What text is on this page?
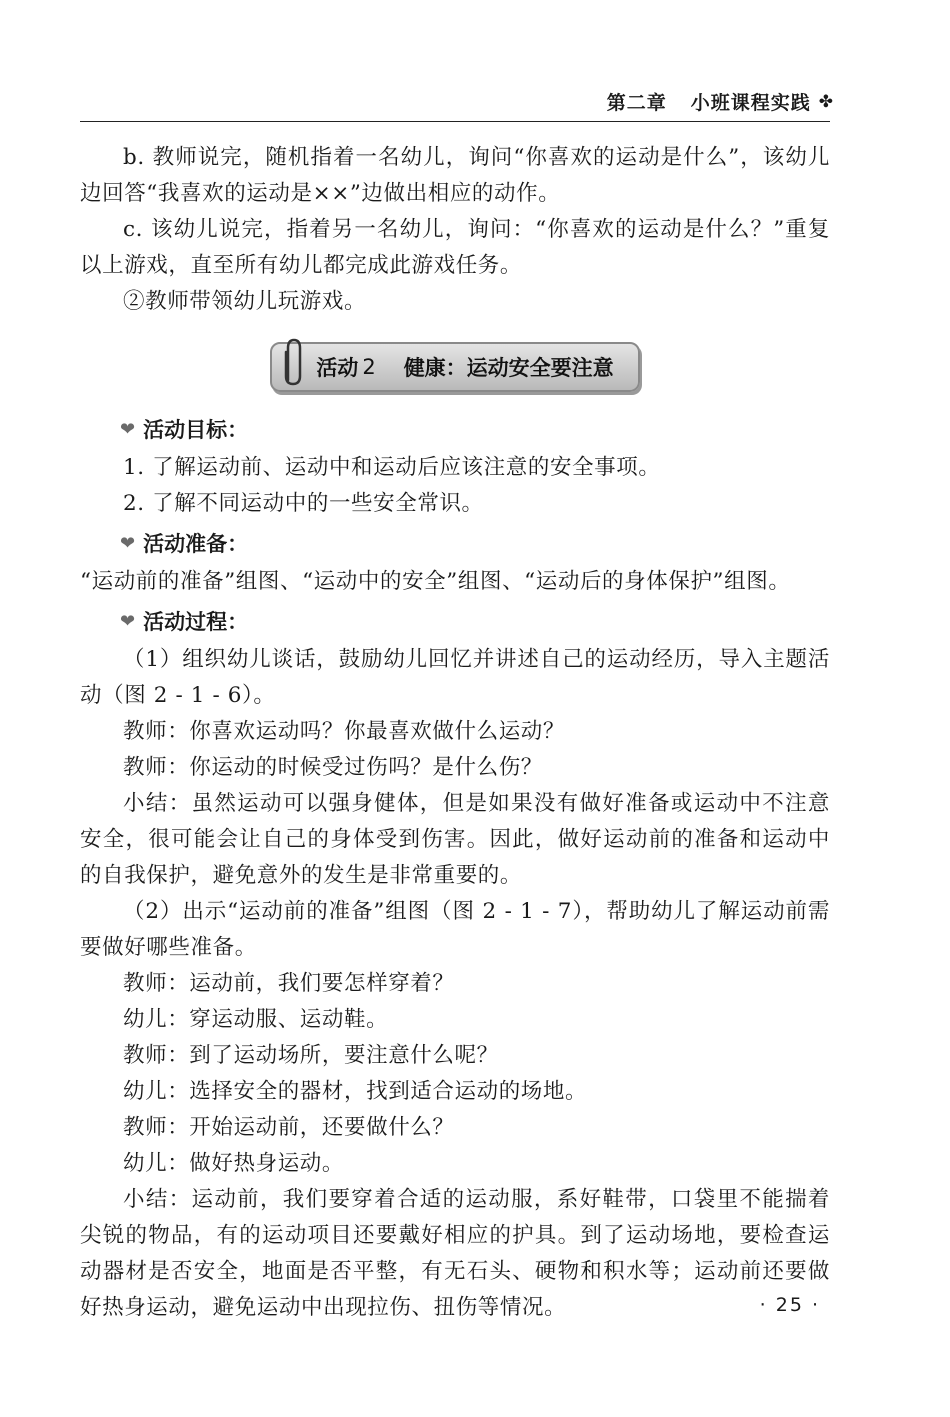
第二章 小班课程实践 ✤

b. 教师说完，随机指着一名幼儿，询问“你喜欢的运动是什么”，该幼儿边回答“我喜欢的运动是××”边做出相应的动作。

c. 该幼儿说完，指着另一名幼儿，询问：“你喜欢的运动是什么？”重复以上游戏，直至所有幼儿都完成此游戏任务。

②教师带领幼儿玩游戏。

活动 2 健康：运动安全要注意
❤ 活动目标：

1. 了解运动前、运动中和运动后应该注意的安全事项。

2. 了解不同运动中的一些安全常识。

❤ 活动准备：

“运动前的准备”组图、“运动中的安全”组图、“运动后的身体保护”组图。

❤ 活动过程：

（1）组织幼儿谈话，鼓励幼儿回忆并讲述自己的运动经历，导入主题活动（图 2 - 1 - 6）。

教师：你喜欢运动吗？你最喜欢做什么运动？

教师：你运动的时候受过伤吗？是什么伤？

小结：虽然运动可以强身健体，但是如果没有做好准备或运动中不注意安全，很可能会让自己的身体受到伤害。因此，做好运动前的准备和运动中的自我保护，避免意外的发生是非常重要的。

（2）出示“运动前的准备”组图（图 2 - 1 - 7），帮助幼儿了解运动前需要做好哪些准备。

教师：运动前，我们要怎样穿着？

幼儿：穿运动服、运动鞋。

教师：到了运动场所，要注意什么呢？

幼儿：选择安全的器材，找到适合运动的场地。

教师：开始运动前，还要做什么？

幼儿：做好热身运动。

小结：运动前，我们要穿着合适的运动服，系好鞋带，口袋里不能揣着尖锐的物品，有的运动项目还要戴好相应的护具。到了运动场地，要检查运动器材是否安全，地面是否平整，有无石头、硬物和积水等；运动前还要做好热身运动，避免运动中出现拉伤、扭伤等情况。	· 25 ·
